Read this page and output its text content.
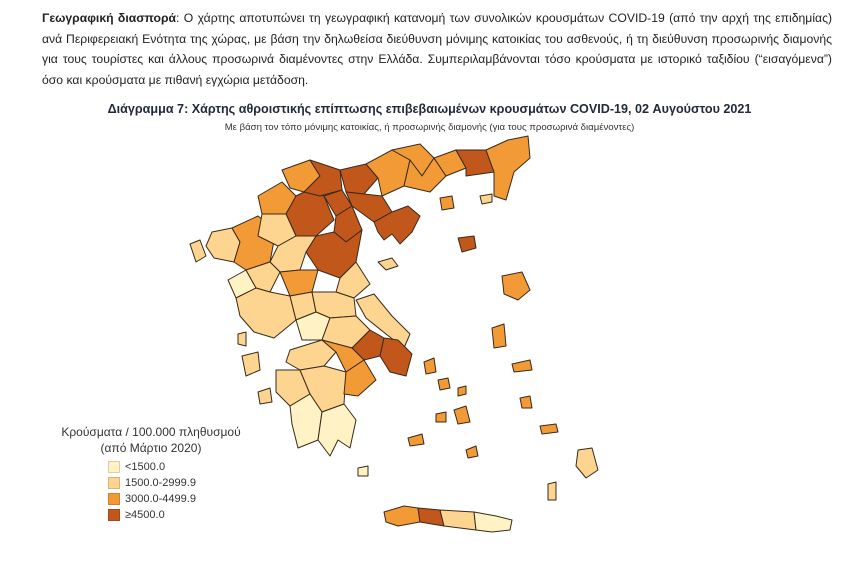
Γεωγραφική διασπορά: Ο χάρτης αποτυπώνει τη γεωγραφική κατανομή των συνολικών κρουσμάτων COVID-19 (από την αρχή της επιδημίας) ανά Περιφερειακή Ενότητα της χώρας, με βάση την δηλωθείσα διεύθυνση μόνιμης κατοικίας του ασθενούς, ή τη διεύθυνση προσωρινής διαμονής για τους τουρίστες και άλλους προσωρινά διαμένοντες στην Ελλάδα. Συμπεριλαμβάνονται τόσο κρούσματα με ιστορικό ταξιδίου (“εισαγόμενα”) όσο και κρούσματα με πιθανή εγχώρια μετάδοση.
Διάγραμμα 7: Χάρτης αθροιστικής επίπτωσης επιβεβαιωμένων κρουσμάτων COVID-19, 02 Αυγούστου 2021
Με βάση τον τόπο μόνιμης κατοικίας, ή προσωρινής διαμονής (για τους προσωρινά διαμένοντες)
Κρούσματα / 100.000 πληθυσμού
(από Μάρτιο 2020)
<1500.0
1500.0-2999.9
3000.0-4499.9
≥4500.0
